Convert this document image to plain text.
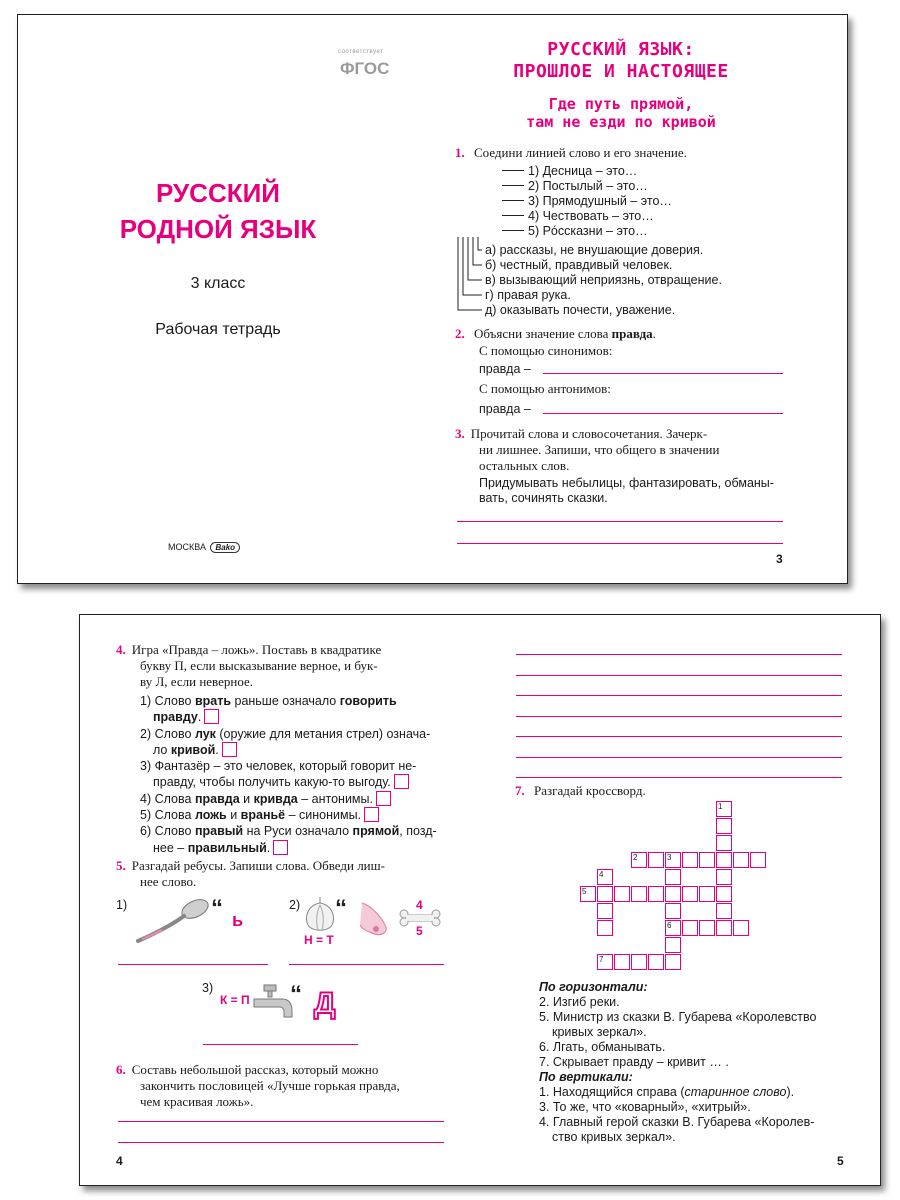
соответствует
ФГОС
РУССКИЙ
РОДНОЙ ЯЗЫК
3 класс
Рабочая тетрадь
МОСКВА Bako
РУССКИЙ ЯЗЫК:
ПРОШЛОЕ И НАСТОЯЩЕЕ
Где путь прямой,
там не езди по кривой
1. Соедини линией слово и его значение.
1) Десница – это…
2) Постылый – это…
3) Прямодушный – это…
4) Чествовать – это…
5) Рóссказни – это…
а) рассказы, не внушающие доверия.
б) честный, правдивый человек.
в) вызывающий неприязнь, отвращение.
г) правая рука.
д) оказывать почести, уважение.
2. Объясни значение слова правда.
С помощью синонимов:
правда –
С помощью антонимов:
правда –
3. Прочитай слова и словосочетания. Зачерк-
ни лишнее. Запиши, что общего в значении
остальных слов.
Придумывать небылицы, фантазировать, обманы-
вать, сочинять сказки.
3
4. Игра «Правда – ложь». Поставь в квадратике
букву П, если высказывание верное, и бук-
ву Л, если неверное.
1) Слово врать раньше означало говорить
правду.
2) Слово лук (оружие для метания стрел) означа-
ло кривой.
3) Фантазёр – это человек, который говорит не-
правду, чтобы получить какую-то выгоду.
4) Слова правда и кривда – антонимы.
5) Слова ложь и враньё – синонимы.
6) Слово правый на Руси означало прямой, позд-
нее – правильный.
5. Разгадай ребусы. Запиши слова. Обведи лиш-
нее слово.
1)	“ ь
2) “
Н = Т
4
5
3)
К = П “ Д
6. Составь небольшой рассказ, который можно
закончить пословицей «Лучше горькая правда,
чем красивая ложь».
4
7. Разгадай кроссворд.
1
2	3
4
5
6
7
По горизонтали:
2. Изгиб реки.
5. Министр из сказки В. Губарева «Королевство
кривых зеркал».
6. Лгать, обманывать.
7. Скрывает правду – кривит … .
По вертикали:
1. Находящийся справа (старинное слово).
3. То же, что «коварный», «хитрый».
4. Главный герой сказки В. Губарева «Королев-
ство кривых зеркал».
5
